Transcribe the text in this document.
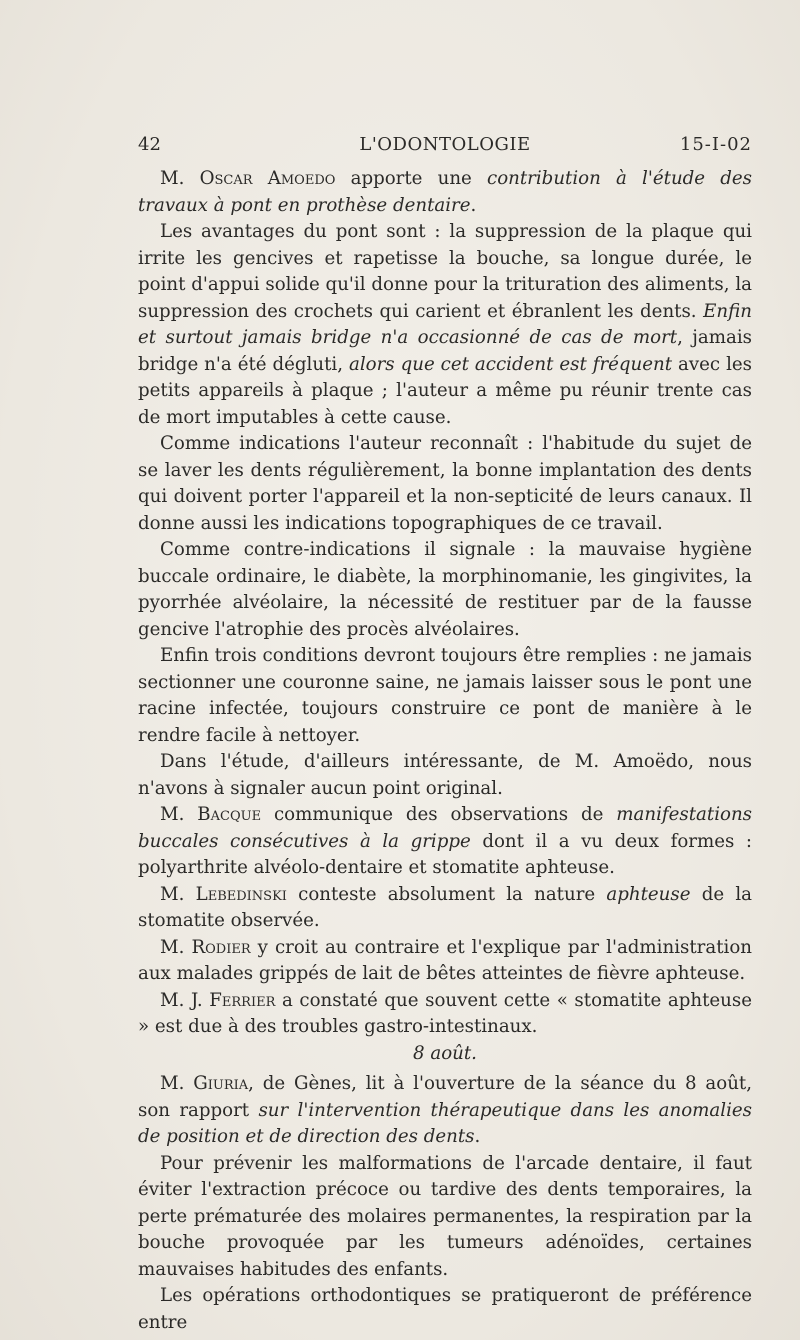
42	L'ODONTOLOGIE	15-I-02

M. Oscar Amoedo apporte une contribution à l'étude des travaux à pont en prothèse dentaire.

Les avantages du pont sont : la suppression de la plaque qui irrite les gencives et rapetisse la bouche, sa longue durée, le point d'appui solide qu'il donne pour la trituration des aliments, la suppression des crochets qui carient et ébranlent les dents. Enfin et surtout jamais bridge n'a occasionné de cas de mort, jamais bridge n'a été dégluti, alors que cet accident est fréquent avec les petits appareils à plaque ; l'auteur a même pu réunir trente cas de mort imputables à cette cause.

Comme indications l'auteur reconnaît : l'habitude du sujet de se laver les dents régulièrement, la bonne implantation des dents qui doivent porter l'appareil et la non-septicité de leurs canaux. Il donne aussi les indications topographiques de ce travail.

Comme contre-indications il signale : la mauvaise hygiène buccale ordinaire, le diabète, la morphinomanie, les gingivites, la pyorrhée alvéolaire, la nécessité de restituer par de la fausse gencive l'atrophie des procès alvéolaires.

Enfin trois conditions devront toujours être remplies : ne jamais sectionner une couronne saine, ne jamais laisser sous le pont une racine infectée, toujours construire ce pont de manière à le rendre facile à nettoyer.

Dans l'étude, d'ailleurs intéressante, de M. Amoëdo, nous n'avons à signaler aucun point original.

M. Bacque communique des observations de manifestations buccales consécutives à la grippe dont il a vu deux formes : polyarthrite alvéolo-dentaire et stomatite aphteuse.

M. Lebedinski conteste absolument la nature aphteuse de la stomatite observée.

M. Rodier y croit au contraire et l'explique par l'administration aux malades grippés de lait de bêtes atteintes de fièvre aphteuse.

M. J. Ferrier a constaté que souvent cette « stomatite aphteuse » est due à des troubles gastro-intestinaux.

8 août.

M. Giuria, de Gènes, lit à l'ouverture de la séance du 8 août, son rapport sur l'intervention thérapeutique dans les anomalies de position et de direction des dents.

Pour prévenir les malformations de l'arcade dentaire, il faut éviter l'extraction précoce ou tardive des dents temporaires, la perte prématurée des molaires permanentes, la respiration par la bouche provoquée par les tumeurs adénoïdes, certaines mauvaises habitudes des enfants.

Les opérations orthodontiques se pratiqueront de préférence entre
